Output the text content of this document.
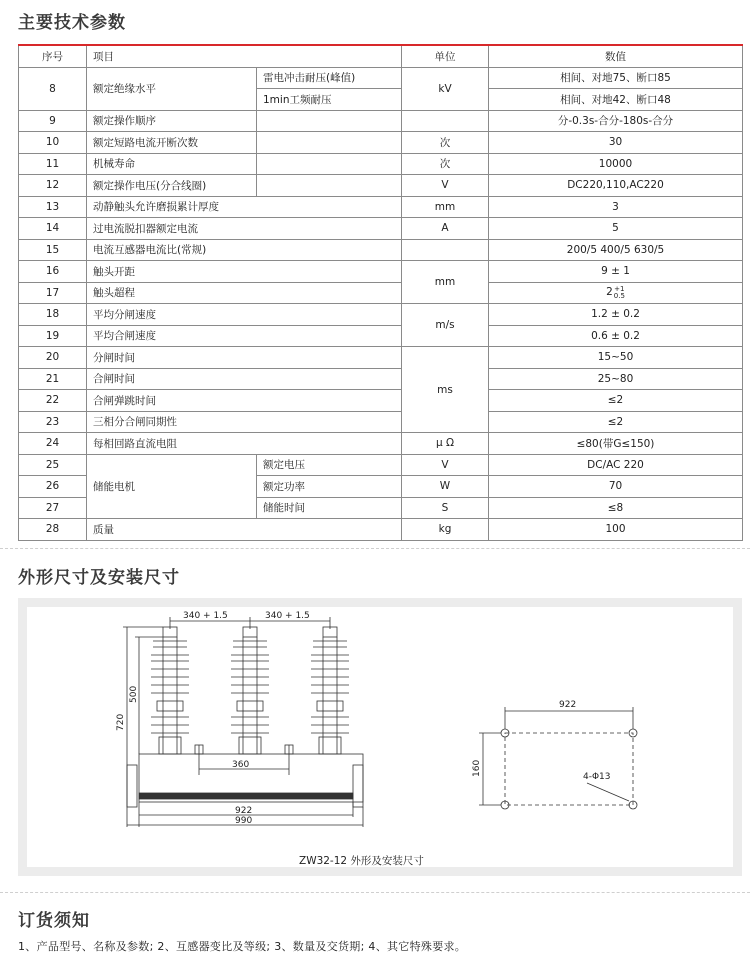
主要技术参数
序号	项目		单位	数值
8	额定绝缘水平	雷电冲击耐压(峰值)	kV	相间、对地75、断口85
		1min工频耐压		相间、对地42、断口48
9	额定操作顺序			分-0.3s-合分-180s-合分
10	额定短路电流开断次数		次	30
11	机械寿命		次	10000
12	额定操作电压(分合线圈)		V	DC220,110,AC220
13	动静触头允许磨损累计厚度		mm	3
14	过电流脱扣器额定电流		A	5
15	电流互感器电流比(常规)			200/5 400/5 630/5
16	触头开距		mm	9 ± 1
17	触头超程			2+1
0.5
18	平均分闸速度		m/s	1.2 ± 0.2
19	平均合闸速度			0.6 ± 0.2
20	分闸时间		ms	15~50
21	合闸时间			25~80
22	合闸弹跳时间			≤2
23	三相分合闸同期性			≤2
24	每相回路直流电阻		μ Ω	≤80(带G≤150)
25	储能电机	额定电压	V	DC/AC 220
26		额定功率	W	70
27		储能时间	S	≤8
28	质量		kg	100
外形尺寸及安装尺寸
340 + 1.5	340 + 1.5
720
500
360
922
990
922
160	4-Φ13
ZW32-12 外形及安装尺寸
订货须知
1、产品型号、名称及参数; 2、互感器变比及等级; 3、数量及交货期; 4、其它特殊要求。
